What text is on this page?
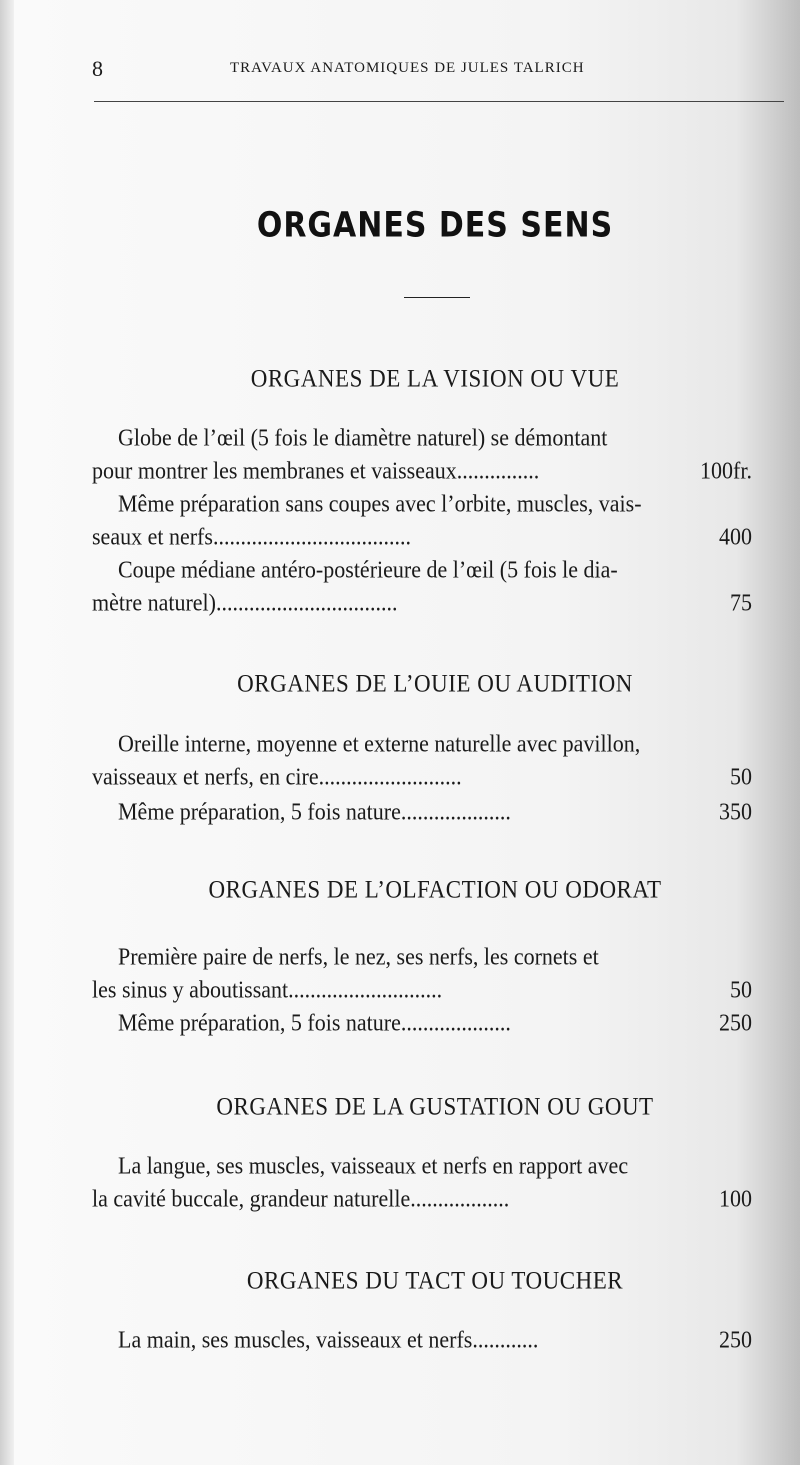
8	TRAVAUX ANATOMIQUES DE JULES TALRICH
ORGANES DES SENS
ORGANES DE LA VISION OU VUE
Globe de l’œil (5 fois le diamètre naturel) se démontant
pour montrer les membranes et vaisseaux...............	100fr.
Même préparation sans coupes avec l’orbite, muscles, vais-
seaux et nerfs....................................	400
Coupe médiane antéro-postérieure de l’œil (5 fois le dia-
mètre naturel).................................	75
ORGANES DE L’OUIE OU AUDITION
Oreille interne, moyenne et externe naturelle avec pavillon,
vaisseaux et nerfs, en cire..........................	50
Même préparation, 5 fois nature....................	350
ORGANES DE L’OLFACTION OU ODORAT
Première paire de nerfs, le nez, ses nerfs, les cornets et
les sinus y aboutissant............................	50
Même préparation, 5 fois nature....................	250
ORGANES DE LA GUSTATION OU GOUT
La langue, ses muscles, vaisseaux et nerfs en rapport avec
la cavité buccale, grandeur naturelle..................	100
ORGANES DU TACT OU TOUCHER
La main, ses muscles, vaisseaux et nerfs............	250
